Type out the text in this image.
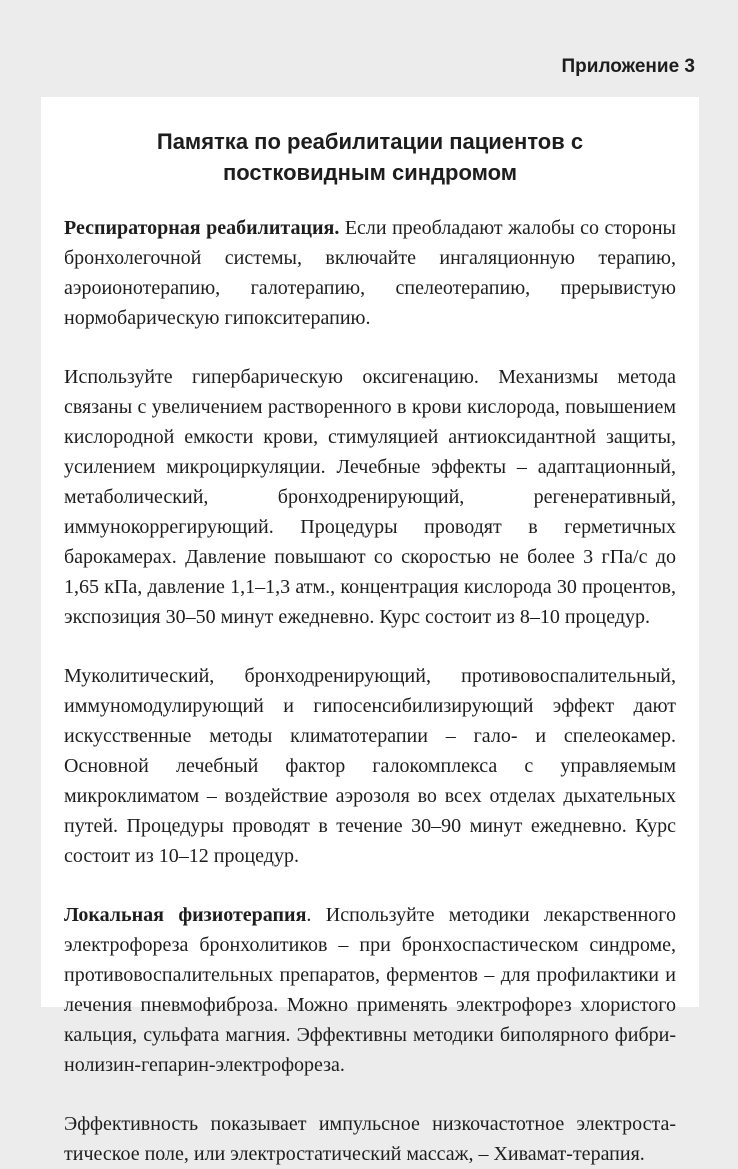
Приложение 3
Памятка по реабилитации пациентов с постковидным синдромом

Респираторная реабилитация. Если преобладают жалобы со стороны бронхолегочной системы, включайте ингаляционную терапию, аэроионотерапию, галотерапию, спелеотерапию, прерывистую нормобарическую гипокситерапию.

Используйте гипербарическую оксигенацию. Механизмы метода связаны с увеличением растворенного в крови кислорода, повышением кислородной емкости крови, стимуляцией антиоксидантной защиты, усилением микроциркуляции. Лечебные эффекты – адаптационный, метаболический, бронходренирующий, регенеративный, иммунокоррегирующий. Процедуры проводят в герметичных барокамерах. Давление повышают со скоростью не более 3 гПа/с до 1,65 кПа, давление 1,1–1,3 атм., концентрация кислорода 30 процентов, экспозиция 30–50 минут ежедневно. Курс состоит из 8–10 процедур.

Муколитический, бронходренирующий, противовоспалительный, иммуномодулирующий и гипосенсибилизирующий эффект дают искусственные методы климатотерапии – гало- и спелеокамер. Основной лечебный фактор галокомплекса с управляемым микроклиматом – воздействие аэрозоля во всех отделах дыхательных путей. Процедуры проводят в течение 30–90 минут ежедневно. Курс состоит из 10–12 процедур.

Локальная физиотерапия. Используйте методики лекарственного электрофореза бронхолитиков – при бронхоспастическом синдроме, противовоспалительных препаратов, ферментов – для профилактики и лечения пневмофиброза. Можно применять электрофорез хлористого кальция, сульфата магния. Эффективны методики биполярного фибринолизин-гепарин-электрофореза.

Эффективность показывает импульсное низкочастотное электростатическое поле, или электростатический массаж, – Хивамат-терапия.
